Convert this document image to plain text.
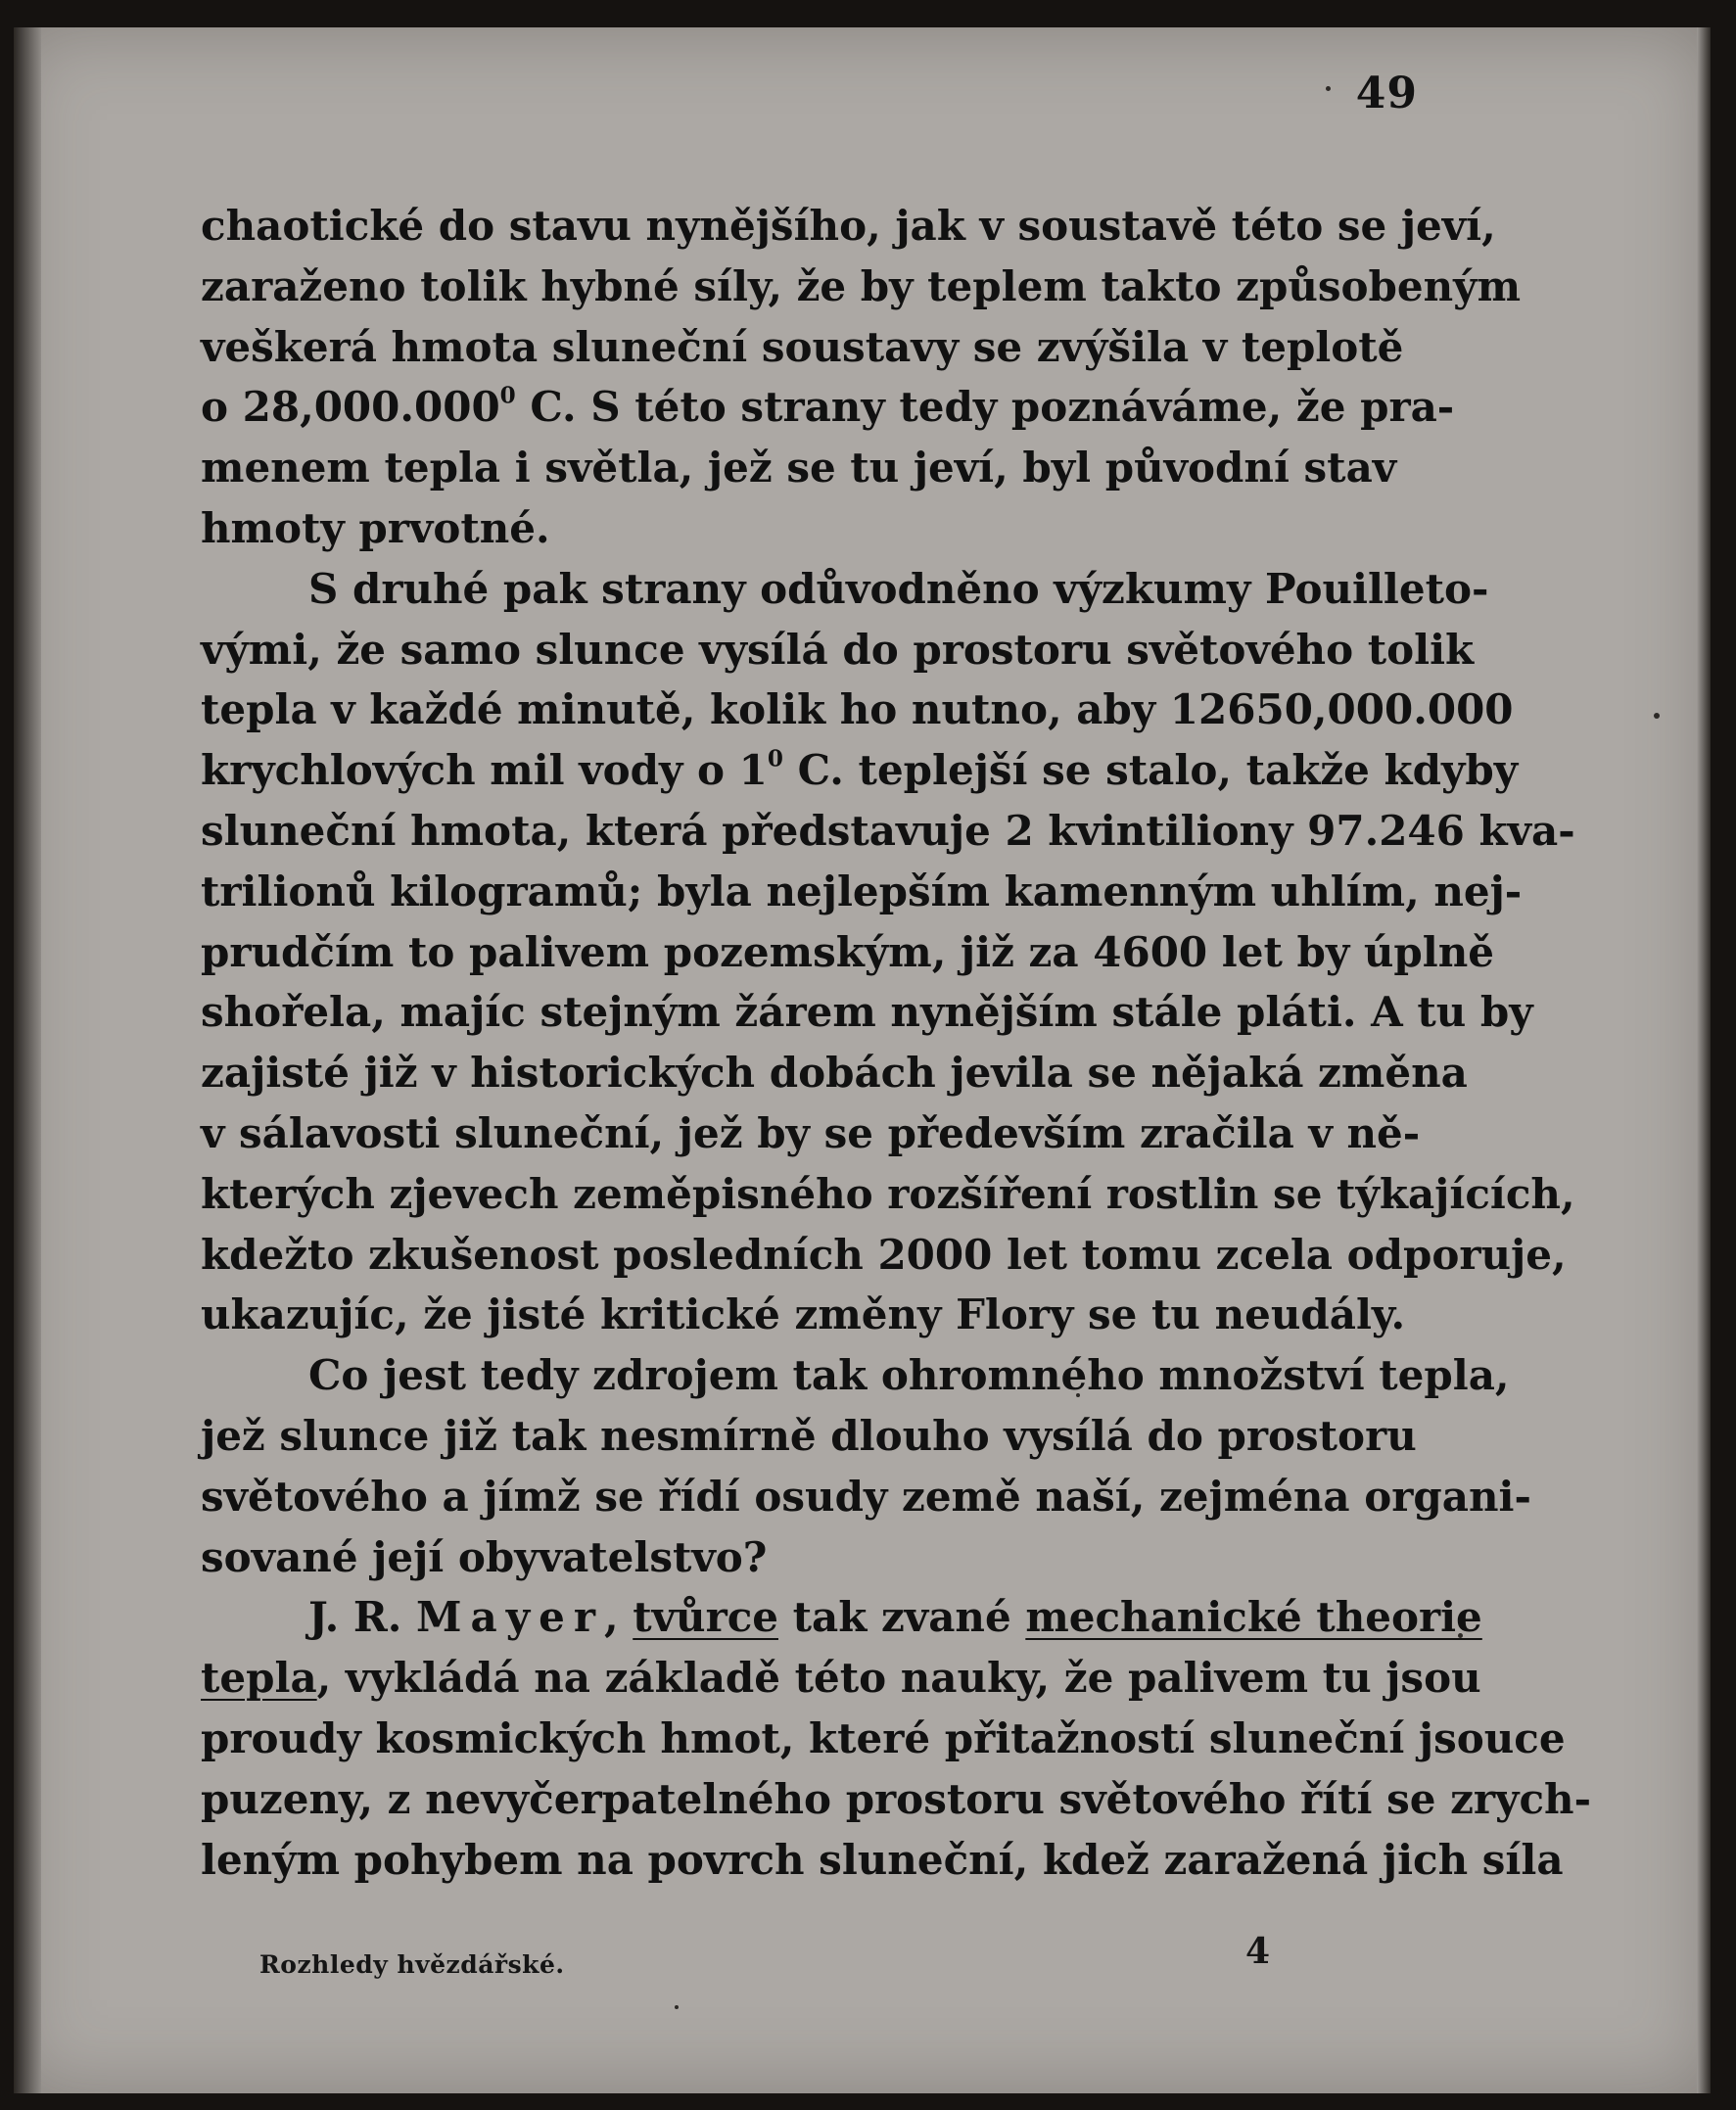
49
chaotické do stavu nynějšího, jak v soustavě této se jeví,
zaraženo tolik hybné síly, že by teplem takto způsobeným
veškerá hmota sluneční soustavy se zvýšila v teplotě
o 28,000.000$^0$ C. S této strany tedy poznáváme, že pra-
menem tepla i světla, jež se tu jeví, byl původní stav
hmoty prvotné.
S druhé pak strany odůvodněno výzkumy Pouilleto-
vými, že samo slunce vysílá do prostoru světového tolik
tepla v každé minutě, kolik ho nutno, aby 12650,000.000
krychlových mil vody o $1^0$ C. teplejší se stalo, takže kdyby
sluneční hmota, která představuje 2 kvintiliony 97.246 kva-
trilionů kilogramů; byla nejlepším kamenným uhlím, nej-
prudčím to palivem pozemským, již za 4600 let by úplně
shořela, majíc stejným žárem nynějším stále pláti. A tu by
zajisté již v historických dobách jevila se nějaká změna
v sálavosti sluneční, jež by se především zračila v ně-
kterých zjevech zeměpisného rozšíření rostlin se týkajících,
kdežto zkušenost posledních 2000 let tomu zcela odporuje,
ukazujíc, že jisté kritické změny Flory se tu neudály.
Co jest tedy zdrojem tak ohromného množství tepla,
jež slunce již tak nesmírně dlouho vysílá do prostoru
světového a jímž se řídí osudy země naší, zejména organi-
sované její obyvatelstvo?
J. R. Mayer, tvůrce tak zvané mechanické theorie
tepla, vykládá na základě této nauky, že palivem tu jsou
proudy kosmických hmot, které přitažností sluneční jsouce
puzeny, z nevyčerpatelného prostoru světového řítí se zrych-
leným pohybem na povrch sluneční, kdež zaražená jich síla
Rozhledy hvězdářské.	4
